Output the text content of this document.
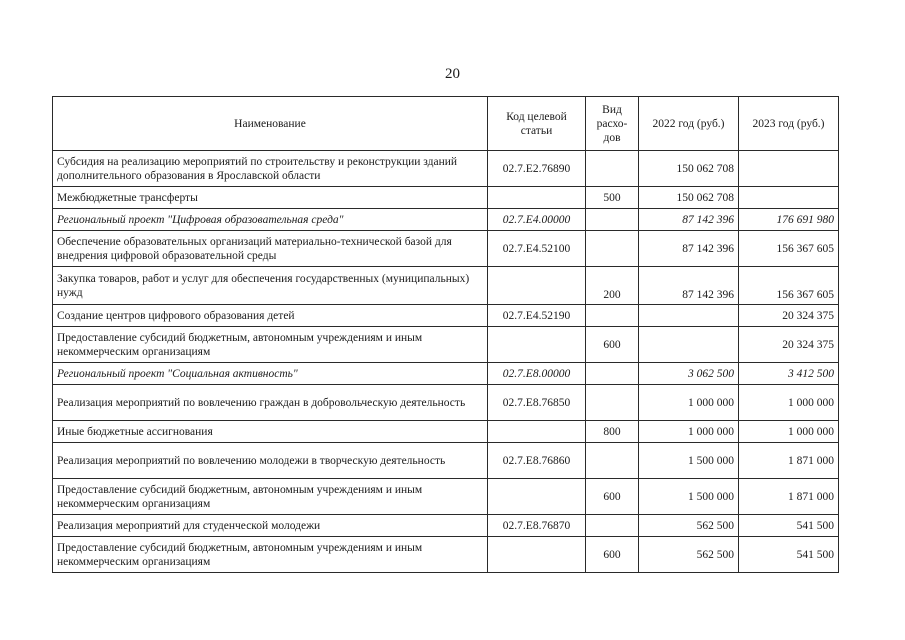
20
Наименование	Код целевой статьи	Вид расхо-дов	2022 год (руб.)	2023 год (руб.)
Субсидия на реализацию мероприятий по строительству и реконструкции зданий дополнительного образования в Ярославской области	02.7.E2.76890		150 062 708	
Межбюджетные трансферты		500	150 062 708	
Региональный проект "Цифровая образовательная среда"	02.7.E4.00000		87 142 396	176 691 980
Обеспечение образовательных организаций материально-технической базой для внедрения цифровой образовательной среды	02.7.E4.52100		87 142 396	156 367 605
Закупка товаров, работ и услуг для обеспечения государственных (муниципальных) нужд		200	87 142 396	156 367 605
Создание центров цифрового образования детей	02.7.E4.52190			20 324 375
Предоставление субсидий бюджетным, автономным учреждениям и иным некоммерческим организациям		600		20 324 375
Региональный проект "Социальная активность"	02.7.E8.00000		3 062 500	3 412 500
Реализация мероприятий по вовлечению граждан в добровольческую деятельность	02.7.E8.76850		1 000 000	1 000 000
Иные бюджетные ассигнования		800	1 000 000	1 000 000
Реализация мероприятий по вовлечению молодежи в творческую деятельность	02.7.E8.76860		1 500 000	1 871 000
Предоставление субсидий бюджетным, автономным учреждениям и иным некоммерческим организациям		600	1 500 000	1 871 000
Реализация мероприятий для студенческой молодежи	02.7.E8.76870		562 500	541 500
Предоставление субсидий бюджетным, автономным учреждениям и иным некоммерческим организациям		600	562 500	541 500
